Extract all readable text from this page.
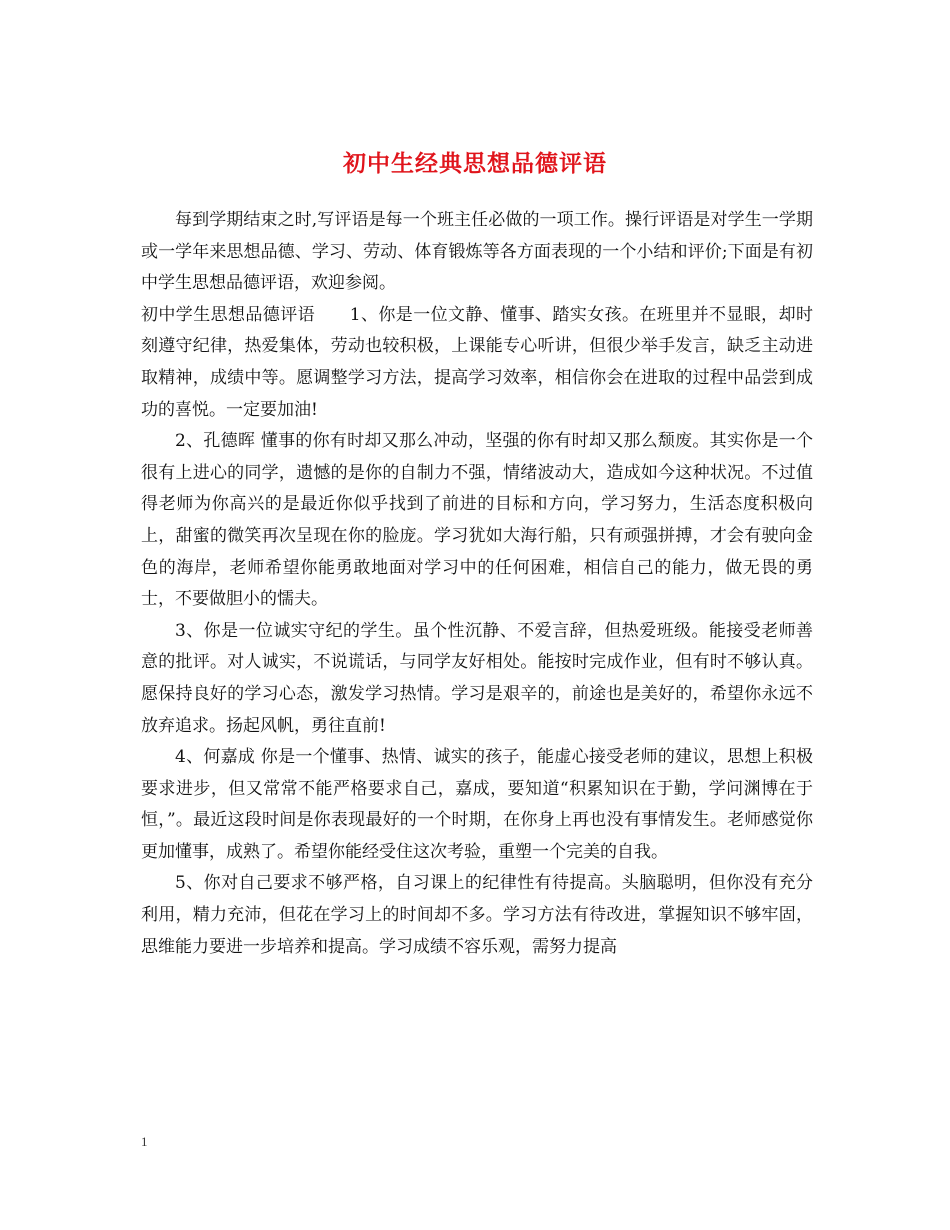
初中生经典思想品德评语

每到学期结束之时,写评语是每一个班主任必做的一项工作。操行评语是对学生一学期或一学年来思想品德、学习、劳动、体育锻炼等各方面表现的一个小结和评价;下面是有初中学生思想品德评语，欢迎参阅。

初中学生思想品德评语　　1、你是一位文静、懂事、踏实女孩。在班里并不显眼，却时刻遵守纪律，热爱集体，劳动也较积极，上课能专心听讲，但很少举手发言，缺乏主动进取精神，成绩中等。愿调整学习方法，提高学习效率，相信你会在进取的过程中品尝到成功的喜悦。一定要加油!

2、孔德晖 懂事的你有时却又那么冲动，坚强的你有时却又那么颓废。其实你是一个很有上进心的同学，遗憾的是你的自制力不强，情绪波动大，造成如今这种状况。不过值得老师为你高兴的是最近你似乎找到了前进的目标和方向，学习努力，生活态度积极向上，甜蜜的微笑再次呈现在你的脸庞。学习犹如大海行船，只有顽强拼搏，才会有驶向金色的海岸，老师希望你能勇敢地面对学习中的任何困难，相信自己的能力，做无畏的勇士，不要做胆小的懦夫。

3、你是一位诚实守纪的学生。虽个性沉静、不爱言辞，但热爱班级。能接受老师善意的批评。对人诚实，不说谎话，与同学友好相处。能按时完成作业，但有时不够认真。愿保持良好的学习心态，激发学习热情。学习是艰辛的，前途也是美好的，希望你永远不放弃追求。扬起风帆，勇往直前!

4、何嘉成 你是一个懂事、热情、诚实的孩子，能虚心接受老师的建议，思想上积极要求进步，但又常常不能严格要求自己，嘉成，要知道“积累知识在于勤，学问渊博在于恒，”。最近这段时间是你表现最好的一个时期，在你身上再也没有事情发生。老师感觉你更加懂事，成熟了。希望你能经受住这次考验，重塑一个完美的自我。

5、你对自己要求不够严格，自习课上的纪律性有待提高。头脑聪明，但你没有充分利用，精力充沛，但花在学习上的时间却不多。学习方法有待改进，掌握知识不够牢固，思维能力要进一步培养和提高。学习成绩不容乐观，需努力提高

1
